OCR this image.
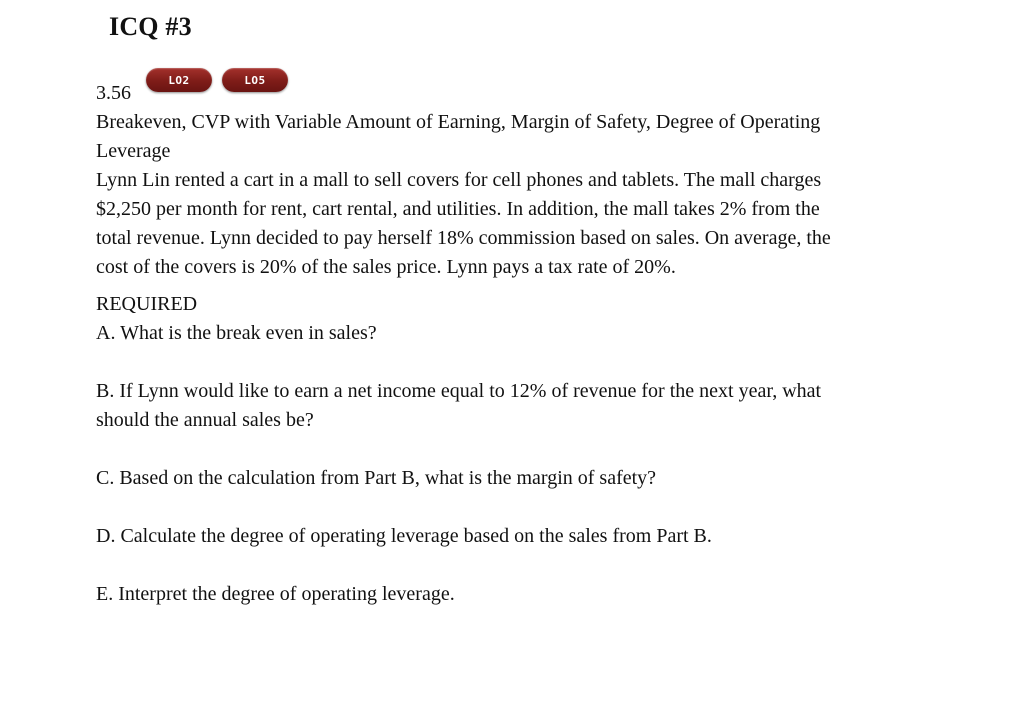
ICQ #3
LO2	LO5
3.56
Breakeven, CVP with Variable Amount of Earning, Margin of Safety, Degree of Operating
Leverage
Lynn Lin rented a cart in a mall to sell covers for cell phones and tablets. The mall charges
$2,250 per month for rent, cart rental, and utilities. In addition, the mall takes 2% from the
total revenue. Lynn decided to pay herself 18% commission based on sales. On average, the
cost of the covers is 20% of the sales price. Lynn pays a tax rate of 20%.
REQUIRED
A. What is the break even in sales?
B. If Lynn would like to earn a net income equal to 12% of revenue for the next year, what
should the annual sales be?
C. Based on the calculation from Part B, what is the margin of safety?
D. Calculate the degree of operating leverage based on the sales from Part B.
E. Interpret the degree of operating leverage.
